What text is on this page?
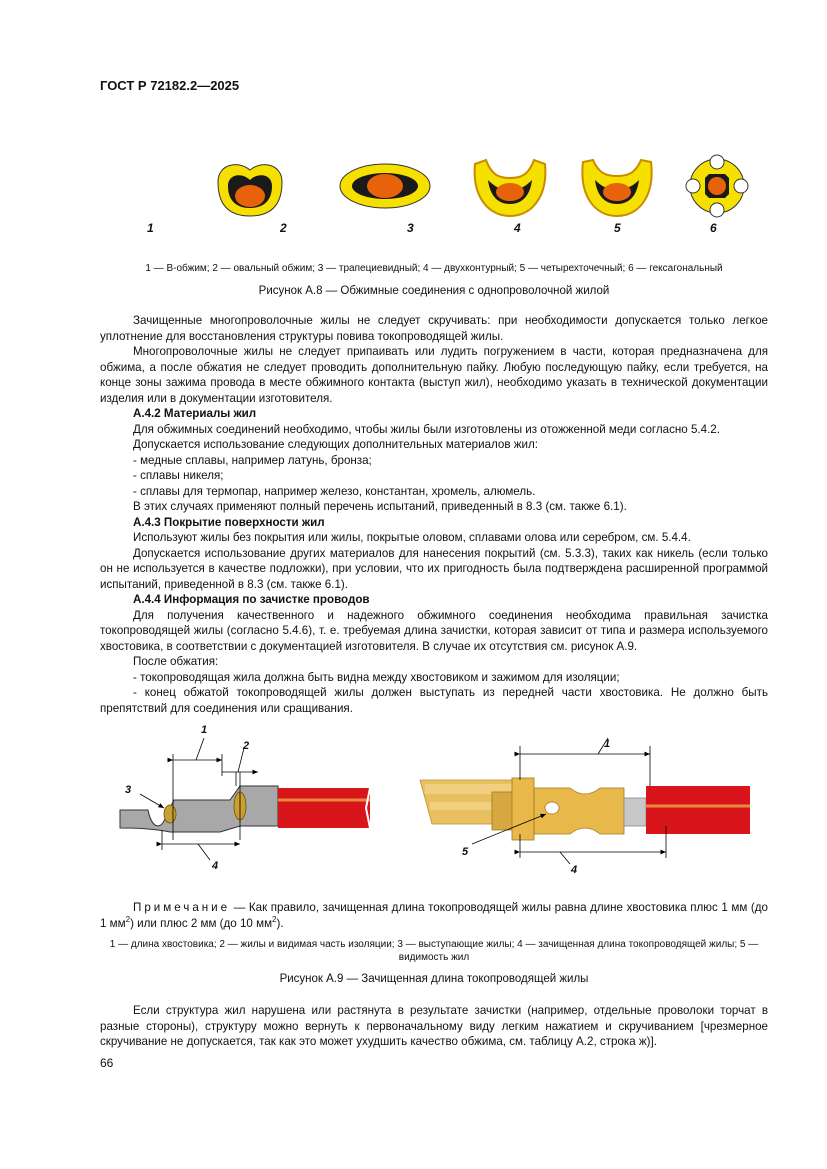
ГОСТ Р 72182.2—2025
1	2	3	4	5	6
1 — В-обжим; 2 — овальный обжим; 3 — трапециевидный; 4 — двухконтурный; 5 — четырехточечный; 6 — гексагональный
Рисунок А.8 — Обжимные соединения с однопроволочной жилой

Зачищенные многопроволочные жилы не следует скручивать: при необходимости допускается только легкое уплотнение для восстановления структуры повива токопроводящей жилы.

Многопроволочные жилы не следует припаивать или лудить погружением в части, которая предназначена для обжима, а после обжатия не следует проводить дополнительную пайку. Любую последующую пайку, если требуется, на конце зоны зажима провода в месте обжимного контакта (выступ жил), необходимо указать в технической документации изделия или в документации изготовителя.

А.4.2 Материалы жил

Для обжимных соединений необходимо, чтобы жилы были изготовлены из отожженной меди согласно 5.4.2.

Допускается использование следующих дополнительных материалов жил:

- медные сплавы, например латунь, бронза;

- сплавы никеля;

- сплавы для термопар, например железо, константан, хромель, алюмель.

В этих случаях применяют полный перечень испытаний, приведенный в 8.3 (см. также 6.1).

А.4.3 Покрытие поверхности жил

Используют жилы без покрытия или жилы, покрытые оловом, сплавами олова или серебром, см. 5.4.4.

Допускается использование других материалов для нанесения покрытий (см. 5.3.3), таких как никель (если только он не используется в качестве подложки), при условии, что их пригодность была подтверждена расширенной программой испытаний, приведенной в 8.3 (см. также 6.1).

А.4.4 Информация по зачистке проводов

Для получения качественного и надежного обжимного соединения необходима правильная зачистка токопроводящей жилы (согласно 5.4.6), т. е. требуемая длина зачистки, которая зависит от типа и размера используемого хвостовика, в соответствии с документацией изготовителя. В случае их отсутствия см. рисунок А.9.

После обжатия:

- токопроводящая жила должна быть видна между хвостовиком и зажимом для изоляции;

- конец обжатой токопроводящей жилы должен выступать из передней части хвостовика. Не должно быть препятствий для соединения или сращивания.

1
2
3
4
1
5
4
Примечание — Как правило, зачищенная длина токопроводящей жилы равна длине хвостовика плюс 1 мм (до 1 $мм^2$) или плюс 2 мм (до 10 $мм^2$).
1 — длина хвостовика; 2 — жилы и видимая часть изоляции; 3 — выступающие жилы; 4 — зачищенная длина токопроводящей жилы; 5 — видимость жил
Рисунок А.9 — Зачищенная длина токопроводящей жилы

Если структура жил нарушена или растянута в результате зачистки (например, отдельные проволоки торчат в разные стороны), структуру можно вернуть к первоначальному виду легким нажатием и скручиванием [чрезмерное скручивание не допускается, так как это может ухудшить качество обжима, см. таблицу А.2, строка ж)].

66
